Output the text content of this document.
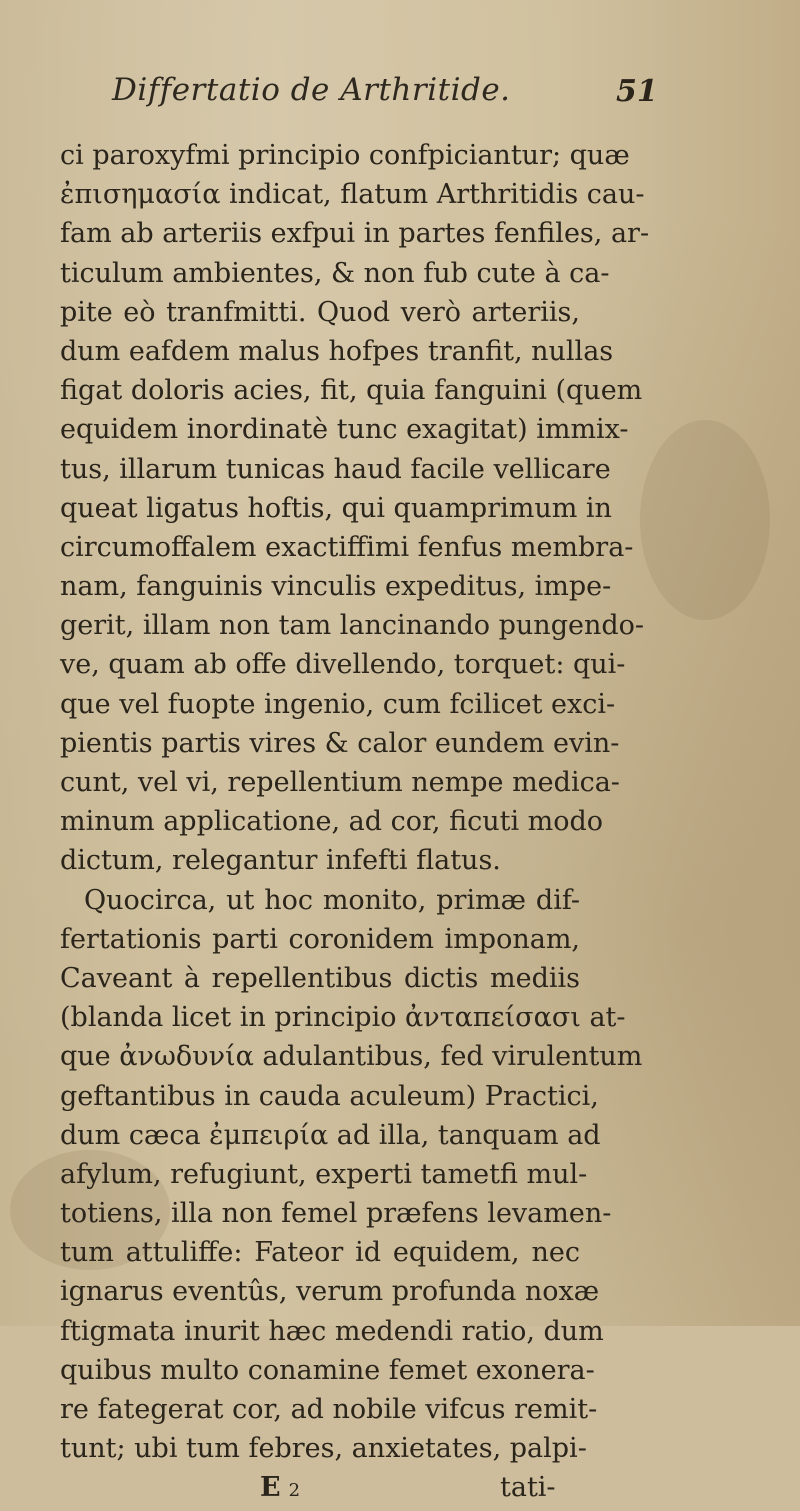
Differtatio de Arthritide.	51
ci paroxyfmi principio confpiciantur; quæ
ἐπισημασία indicat, flatum Arthritidis cau-
fam ab arteriis exfpui in partes fenfiles, ar-
ticulum ambientes, & non fub cute à ca-
pite eò tranfmitti. Quod verò arteriis,
dum eafdem malus hofpes tranfit, nullas
figat doloris acies, fit, quia fanguini (quem
equidem inordinatè tunc exagitat) immix-
tus, illarum tunicas haud facile vellicare
queat ligatus hoftis, qui quamprimum in
circumoffalem exactiffimi fenfus membra-
nam, fanguinis vinculis expeditus, impe-
gerit, illam non tam lancinando pungendo-
ve, quam ab offe divellendo, torquet: qui-
que vel fuopte ingenio, cum fcilicet exci-
pientis partis vires & calor eundem evin-
cunt, vel vi, repellentium nempe medica-
minum applicatione, ad cor, ficuti modo
dictum, relegantur infefti flatus.
Quocirca, ut hoc monito, primæ dif-
fertationis parti coronidem imponam,
Caveant à repellentibus dictis mediis
(blanda licet in principio ἀνταπείσασι at-
que ἀνωδυνία adulantibus, fed virulentum
geftantibus in cauda aculeum) Practici,
dum cæca ἐμπειρία ad illa, tanquam ad
afylum, refugiunt, experti tametfi mul-
totiens, illa non femel præfens levamen-
tum attuliffe: Fateor id equidem, nec
ignarus eventûs, verum profunda noxæ
ftigmata inurit hæc medendi ratio, dum
quibus multo conamine femet exonera-
re fategerat cor, ad nobile vifcus remit-
tunt; ubi tum febres, anxietates, palpi-
E 2	tati-
